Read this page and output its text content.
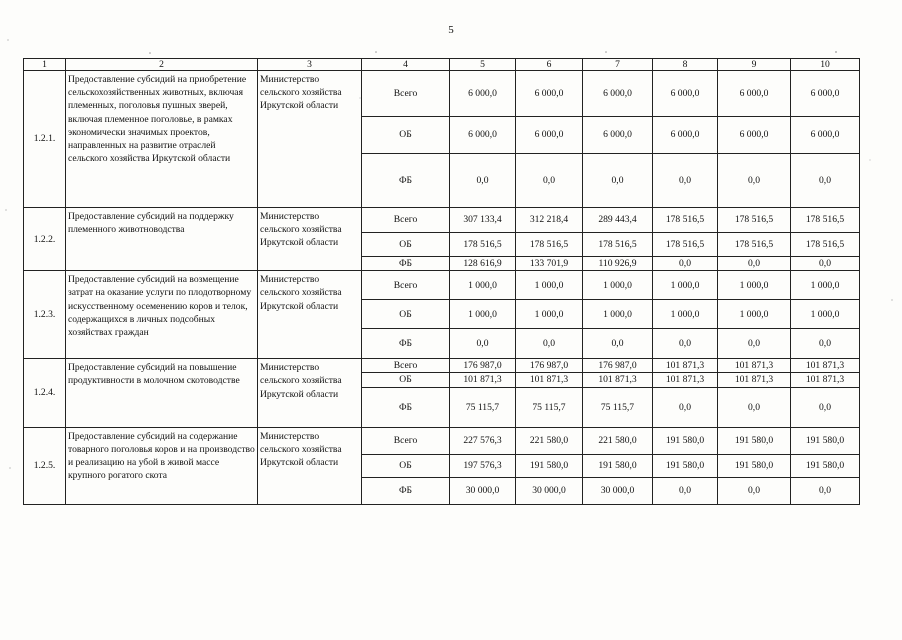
5
1	2	3	4	5	6	7	8	9	10
1.2.1.	Предоставление субсидий на приобретение сельскохозяйственных животных, включая племенных, поголовья пушных зверей, включая племенное поголовье, в рамках экономически значимых проектов, направленных на развитие отраслей сельского хозяйства Иркутской области	Министерство сельского хозяйства Иркутской области	Всего	6 000,0	6 000,0	6 000,0	6 000,0	6 000,0	6 000,0
			ОБ	6 000,0	6 000,0	6 000,0	6 000,0	6 000,0	6 000,0
			ФБ	0,0	0,0	0,0	0,0	0,0	0,0
1.2.2.	Предоставление субсидий на поддержку племенного животноводства	Министерство сельского хозяйства Иркутской области	Всего	307 133,4	312 218,4	289 443,4	178 516,5	178 516,5	178 516,5
			ОБ	178 516,5	178 516,5	178 516,5	178 516,5	178 516,5	178 516,5
			ФБ	128 616,9	133 701,9	110 926,9	0,0	0,0	0,0
1.2.3.	Предоставление субсидий на возмещение затрат на оказание услуги по плодотворному искусственному осеменению коров и телок, содержащихся в личных подсобных хозяйствах граждан	Министерство сельского хозяйства Иркутской области	Всего	1 000,0	1 000,0	1 000,0	1 000,0	1 000,0	1 000,0
			ОБ	1 000,0	1 000,0	1 000,0	1 000,0	1 000,0	1 000,0
			ФБ	0,0	0,0	0,0	0,0	0,0	0,0
1.2.4.	Предоставление субсидий на повышение продуктивности в молочном скотоводстве	Министерство сельского хозяйства Иркутской области	Всего	176 987,0	176 987,0	176 987,0	101 871,3	101 871,3	101 871,3
			ОБ	101 871,3	101 871,3	101 871,3	101 871,3	101 871,3	101 871,3
			ФБ	75 115,7	75 115,7	75 115,7	0,0	0,0	0,0
1.2.5.	Предоставление субсидий на содержание товарного поголовья коров и на производство и реализацию на убой в живой массе крупного рогатого скота	Министерство сельского хозяйства Иркутской области	Всего	227 576,3	221 580,0	221 580,0	191 580,0	191 580,0	191 580,0
			ОБ	197 576,3	191 580,0	191 580,0	191 580,0	191 580,0	191 580,0
			ФБ	30 000,0	30 000,0	30 000,0	0,0	0,0	0,0
